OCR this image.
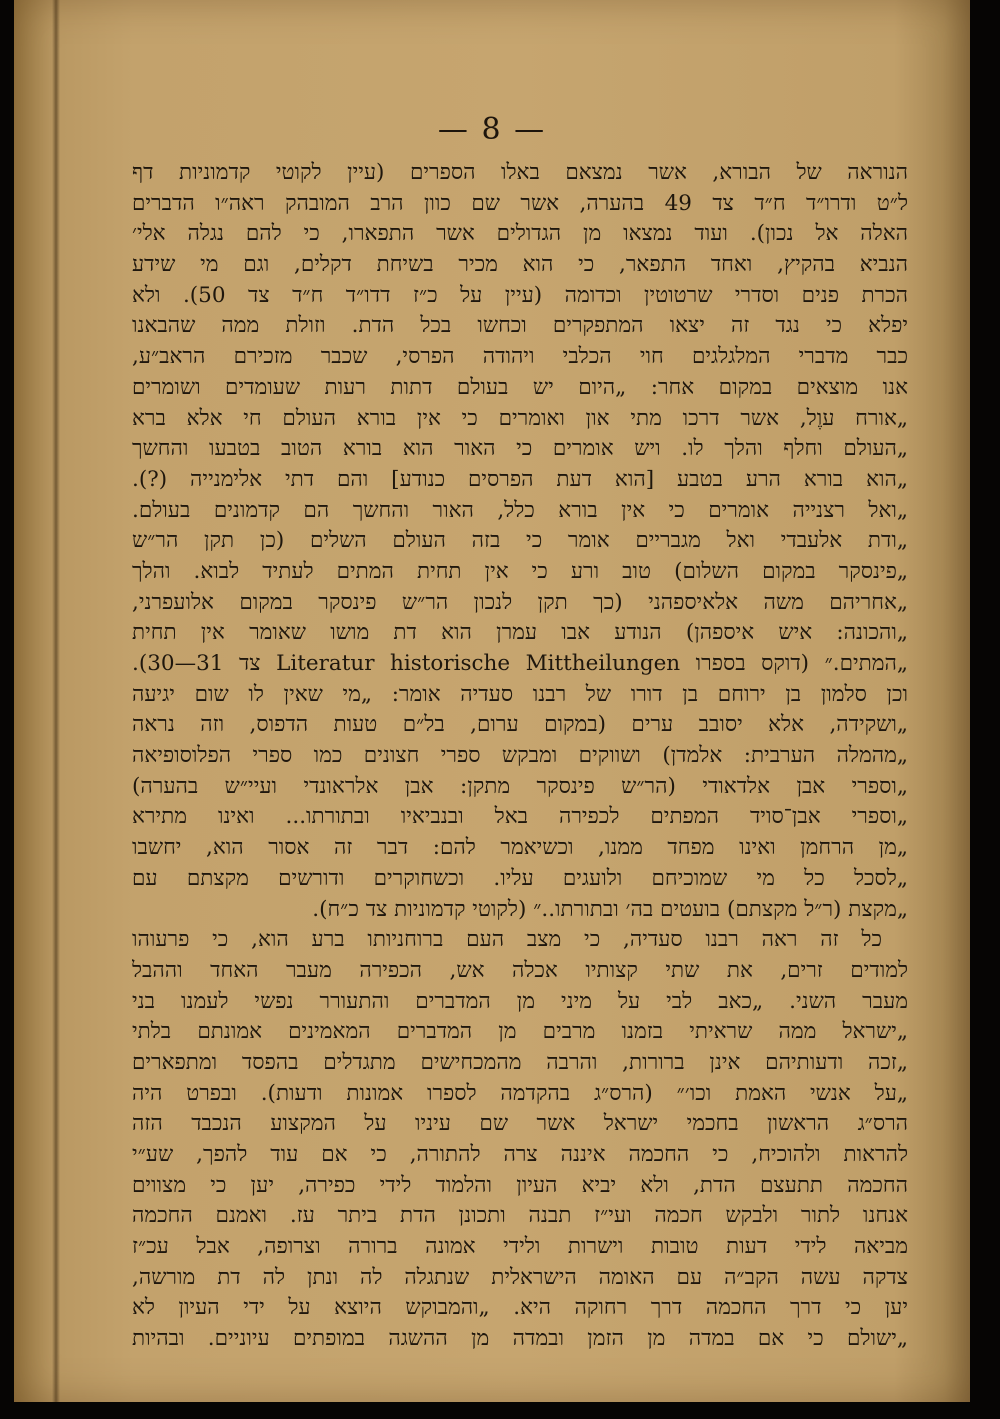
— 8 —
הנוראה של הבורא, אשר נמצאם באלו הספרים (עיין לקוטי קדמוניות דף
ל״ט ודרו״ד ח״ד צד 49 בהערה, אשר שם כוון הרב המובהק ראה״ו הדברים
האלה אל נכון). ועוד נמצאו מן הגדולים אשר התפארו, כי להם נגלה אלי׳
הנביא בהקיץ, ואחד התפאר, כי הוא מכיר בשיחת דקלים, וגם מי שידע
הכרת פנים וסדרי שרטוטין וכדומה (עיין על כ״ז דדו״ד ח״ד צד 50). ולא
יפלא כי נגד זה יצאו המתפקרים וכחשו בכל הדת. וזולת ממה שהבאנו
כבר מדברי המלגלגים חוי הכלבי ויהודה הפרסי, שכבר מזכירם הראב״ע,
אנו מוצאים במקום אחר: „היום יש בעולם דתות רעות שעומדים ושומרים
„אורח עוֶל, אשר דרכו מתי און ואומרים כי אין בורא העולם חי אלא ברא
„העולם וחלף והלך לו. ויש אומרים כי האור הוא בורא הטוב בטבעו והחשך
„הוא בורא הרע בטבע [הוא דעת הפרסים כנודע] והם דתי אלימנייה (?).
„ואל רצנייה אומרים כי אין בורא כלל, האור והחשך הם קדמונים בעולם.
„ודת אלעבדי ואל מגבריים אומר כי בזה העולם השלים (כן תקן הר״ש
„פינסקר במקום השלום) טוב ורע כי אין תחית המתים לעתיד לבוא. והלך
„אחריהם משה אלאיספהני (כך תקן לנכון הר״ש פינסקר במקום אלועפרני,
„והכונה: איש איספהן) הנודע אבו עמרן הוא דת מושו שאומר אין תחית
„המתים.״ (דוקס בספרו Literatur historische Mittheilungen צד 31—30).
וכן סלמון בן ירוחם בן דורו של רבנו סעדיה אומר: „מי שאין לו שום יגיעה
„ושקידה, אלא יסובב ערים (במקום ערום, בל״ם טעות הדפוס, וזה נראה
„מהמלה הערבית: אלמדן) ושווקים ומבקש ספרי חצונים כמו ספרי הפלוסופיאה
„וספרי אבן אלדאודי (הר״ש פינסקר מתקן: אבן אלראונדי ועיי״ש בהערה)
„וספרי אבן־סויד המפתים לכפירה באל ובנביאיו ובתורתו... ואינו מתירא
„מן הרחמן ואינו מפחד ממנו, וכשיאמר להם: דבר זה אסור הוא, יחשבו
„לסכל כל מי שמוכיחם ולועגים עליו. וכשחוקרים ודורשים מקצתם עם
„מקצת (ר״ל מקצתם) בועטים בה׳ ובתורתו..״ (לקוטי קדמוניות צד כ״ח).
כל זה ראה רבנו סעדיה, כי מצב העם ברוחניותו ברע הוא, כי פרעוהו
למודים זרים, את שתי קצותיו אכלה אש, הכפירה מעבר האחד וההבל
מעבר השני. „כאב לבי על מיני מן המדברים והתעורר נפשי לעמנו בני
„ישראל ממה שראיתי בזמנו מרבים מן המדברים המאמינים אמונתם בלתי
„זכה ודעותיהם אינן ברורות, והרבה מהמכחישים מתגדלים בהפסד ומתפארים
„על אנשי האמת וכו׳״ (הרס״ג בהקדמה לספרו אמונות ודעות). ובפרט היה
הרס״ג הראשון בחכמי ישראל אשר שם עיניו על המקצוע הנכבד הזה
להראות ולהוכיח, כי החכמה איננה צרה להתורה, כי אם עוד להפך, שע״י
החכמה תתעצם הדת, ולא יביא העיון והלמוד לידי כפירה, יען כי מצווים
אנחנו לתור ולבקש חכמה ועי״ז תבנה ותכונן הדת ביתר עז. ואמנם החכמה
מביאה לידי דעות טובות וישרות ולידי אמונה ברורה וצרופה, אבל עכ״ז
צדקה עשה הקב״ה עם האומה הישראלית שנתגלה לה ונתן לה דת מורשה,
יען כי דרך החכמה דרך רחוקה היא. „והמבוקש היוצא על ידי העיון לא
„ישולם כי אם במדה מן הזמן ובמדה מן ההשגה במופתים עיוניים. ובהיות
